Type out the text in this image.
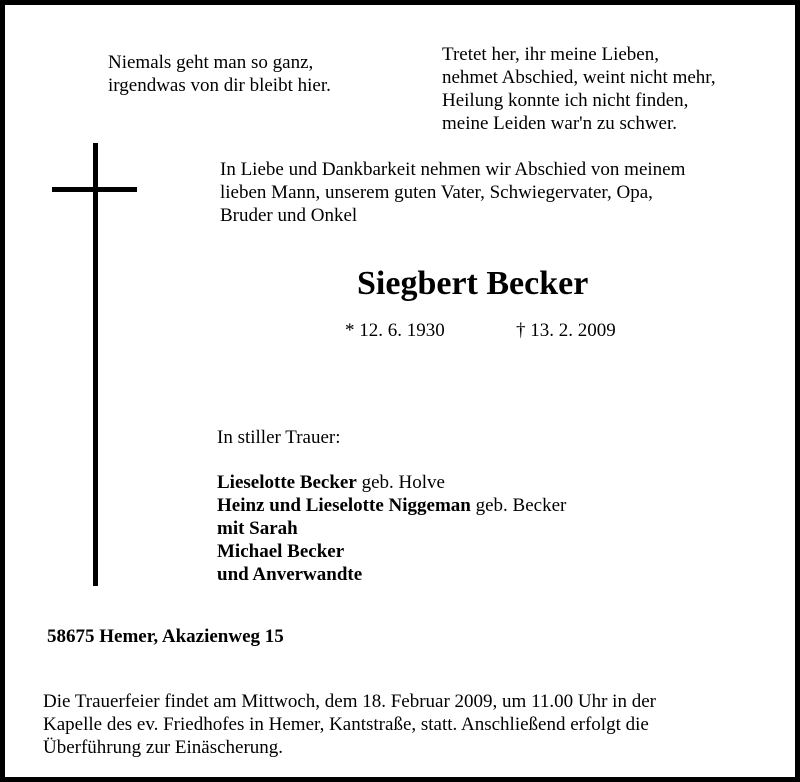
Niemals geht man so ganz,
irgendwas von dir bleibt hier.
Tretet her, ihr meine Lieben,
nehmet Abschied, weint nicht mehr,
Heilung konnte ich nicht finden,
meine Leiden war'n zu schwer.
In Liebe und Dankbarkeit nehmen wir Abschied von meinem
lieben Mann, unserem guten Vater, Schwiegervater, Opa,
Bruder und Onkel
Siegbert Becker
* 12. 6. 1930	† 13. 2. 2009
In stiller Trauer:
Lieselotte Becker geb. Holve
Heinz und Lieselotte Niggeman geb. Becker
mit Sarah
Michael Becker
und Anverwandte
58675 Hemer, Akazienweg 15
Die Trauerfeier findet am Mittwoch, dem 18. Februar 2009, um 11.00 Uhr in der
Kapelle des ev. Friedhofes in Hemer, Kantstraße, statt. Anschließend erfolgt die
Überführung zur Einäscherung.
